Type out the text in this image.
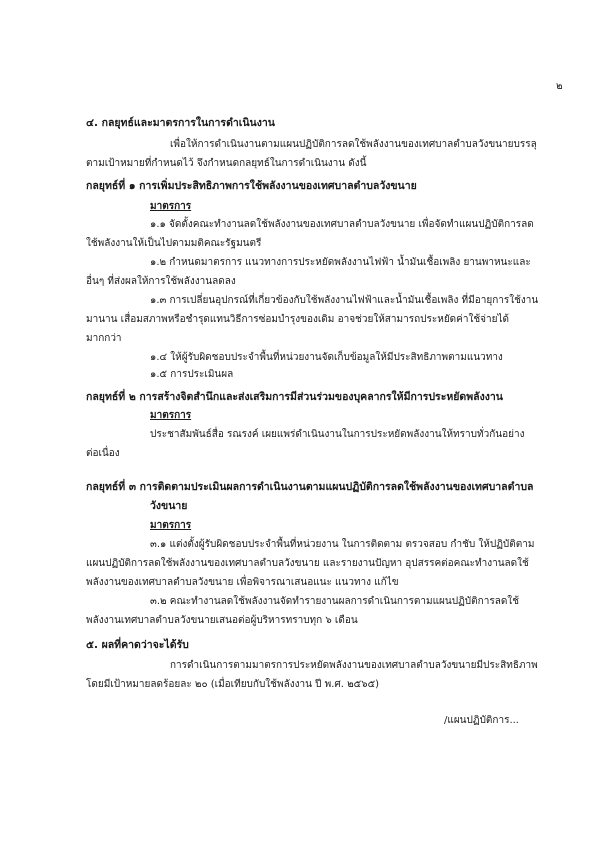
๒
๔. กลยุทธ์และมาตรการในการดำเนินงาน
เพื่อให้การดำเนินงานตามแผนปฏิบัติการลดใช้พลังงานของเทศบาลตำบลวังขนายบรรลุ
ตามเป้าหมายที่กำหนดไว้ จึงกำหนดกลยุทธ์ในการดำเนินงาน ดังนี้
กลยุทธ์ที่ ๑ การเพิ่มประสิทธิภาพการใช้พลังงานของเทศบาลตำบลวังขนาย
มาตรการ
๑.๑ จัดตั้งคณะทำงานลดใช้พลังงานของเทศบาลตำบลวังขนาย เพื่อจัดทำแผนปฏิบัติการลด
ใช้พลังงานให้เป็นไปตามมติคณะรัฐมนตรี
๑.๒ กำหนดมาตรการ แนวทางการประหยัดพลังงานไฟฟ้า น้ำมันเชื้อเพลิง ยานพาหนะและ
อื่นๆ ที่ส่งผลให้การใช้พลังงานลดลง
๑.๓ การเปลี่ยนอุปกรณ์ที่เกี่ยวข้องกับใช้พลังงานไฟฟ้าและน้ำมันเชื้อเพลิง ที่มีอายุการใช้งาน
มานาน เสื่อมสภาพหรือชำรุดแทนวิธีการซ่อมบำรุงของเดิม อาจช่วยให้สามารถประหยัดค่าใช้จ่ายได้
มากกว่า
๑.๔ ให้ผู้รับผิดชอบประจำพื้นที่หน่วยงานจัดเก็บข้อมูลให้มีประสิทธิภาพตามแนวทาง
๑.๕ การประเมินผล
กลยุทธ์ที่ ๒ การสร้างจิตสำนึกและส่งเสริมการมีส่วนร่วมของบุคลากรให้มีการประหยัดพลังงาน
มาตรการ
ประชาสัมพันธ์สื่อ รณรงค์ เผยแพร่ดำเนินงานในการประหยัดพลังงานให้ทราบทั่วกันอย่าง
ต่อเนื่อง
กลยุทธ์ที่ ๓ การติดตามประเมินผลการดำเนินงานตามแผนปฏิบัติการลดใช้พลังงานของเทศบาลตำบล
วังขนาย
มาตรการ
๓.๑ แต่งตั้งผู้รับผิดชอบประจำพื้นที่หน่วยงาน ในการติดตาม ตรวจสอบ กำชับ ให้ปฏิบัติตาม
แผนปฏิบัติการลดใช้พลังงานของเทศบาลตำบลวังขนาย และรายงานปัญหา อุปสรรคต่อคณะทำงานลดใช้
พลังงานของเทศบาลตำบลวังขนาย เพื่อพิจารณาเสนอแนะ แนวทาง แก้ไข
๓.๒ คณะทำงานลดใช้พลังงานจัดทำรายงานผลการดำเนินการตามแผนปฏิบัติการลดใช้
พลังงานเทศบาลตำบลวังขนายเสนอต่อผู้บริหารทราบทุก ๖ เดือน
๕. ผลที่คาดว่าจะได้รับ
การดำเนินการตามมาตรการประหยัดพลังงานของเทศบาลตำบลวังขนายมีประสิทธิภาพ
โดยมีเป้าหมายลดร้อยละ ๒๐ (เมื่อเทียบกับใช้พลังงาน ปี พ.ศ. ๒๕๖๕)
/แผนปฏิบัติการ...
